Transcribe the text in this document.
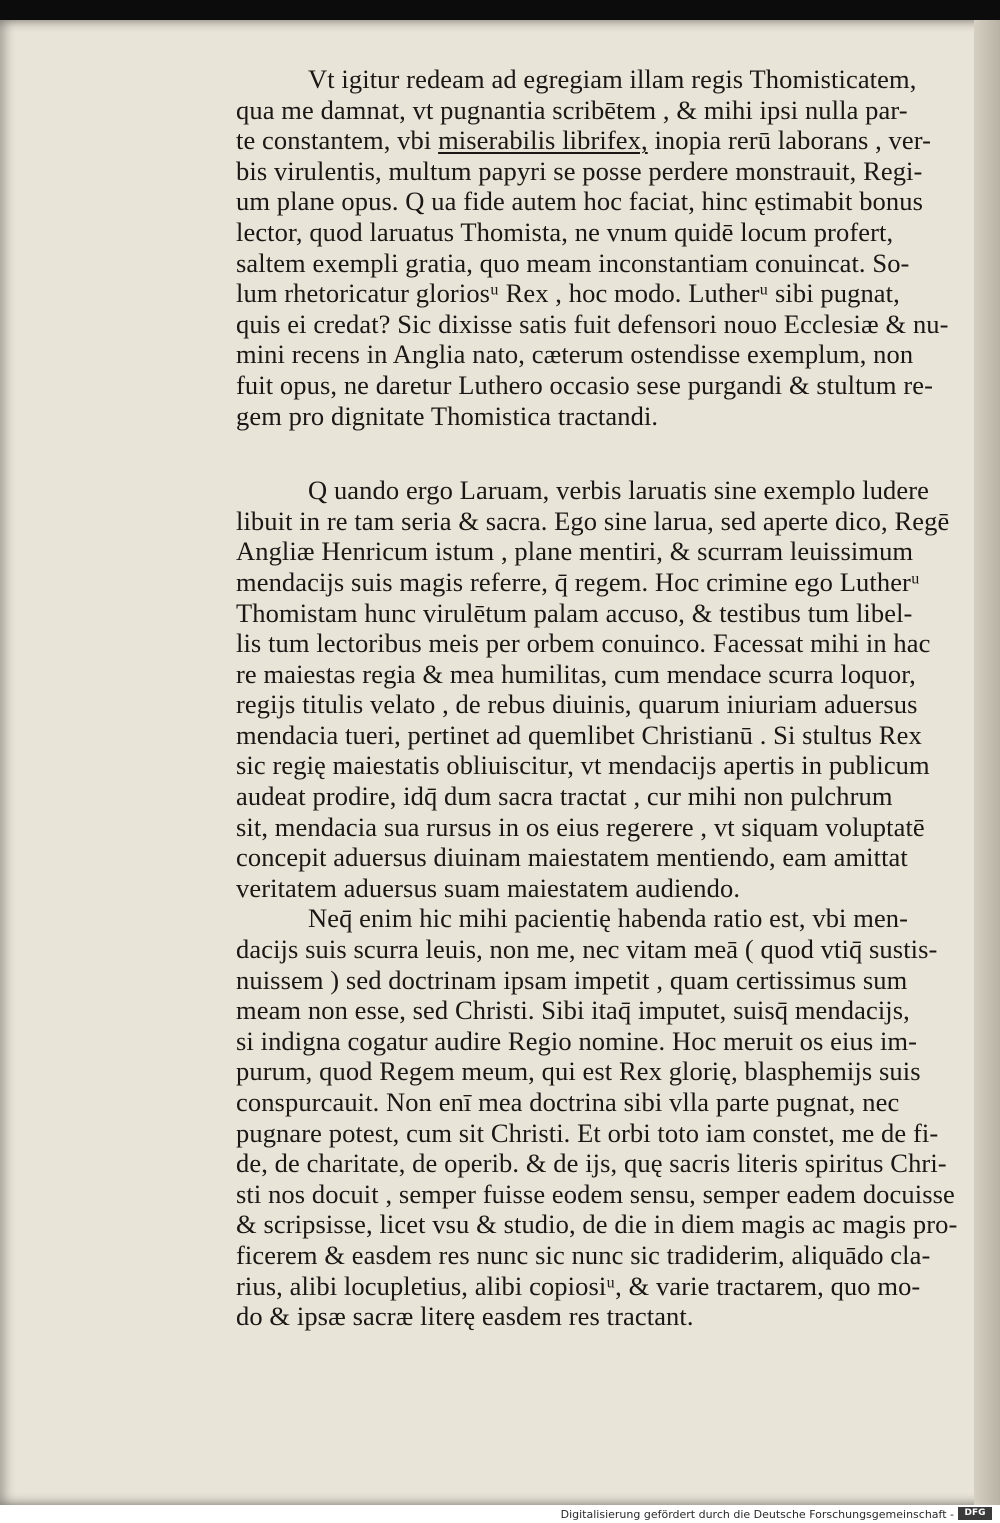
Vt igitur redeam ad egregiam illam regis Thomisticatem,

qua me damnat, vt pugnantia scribētem , & mihi ipsi nulla par-

te constantem, vbi miserabilis librifex, inopia rerū laborans , ver-

bis virulentis, multum papyri se posse perdere monstrauit, Regi-

um plane opus. Q ua fide autem hoc faciat, hinc ęstimabit bonus

lector, quod laruatus Thomista, ne vnum quidē locum profert,

saltem exempli gratia, quo meam inconstantiam conuincat. So-

lum rhetoricatur gloriosᵘ Rex , hoc modo. Lutherᵘ sibi pugnat,

quis ei credat? Sic dixisse satis fuit defensori nouo Ecclesiæ & nu-

mini recens in Anglia nato, cæterum ostendisse exemplum, non

fuit opus, ne daretur Luthero occasio sese purgandi & stultum re-

gem pro dignitate Thomistica tractandi.

Q uando ergo Laruam, verbis laruatis sine exemplo ludere

libuit in re tam seria & sacra. Ego sine larua, sed aperte dico, Regē

Angliæ Henricum istum , plane mentiri, & scurram leuissimum

mendacijs suis magis referre, q̄ regem. Hoc crimine ego Lutherᵘ

Thomistam hunc virulētum palam accuso, & testibus tum libel-

lis tum lectoribus meis per orbem conuinco. Facessat mihi in hac

re maiestas regia & mea humilitas, cum mendace scurra loquor,

regijs titulis velato , de rebus diuinis, quarum iniuriam aduersus

mendacia tueri, pertinet ad quemlibet Christianū . Si stultus Rex

sic regię maiestatis obliuiscitur, vt mendacijs apertis in publicum

audeat prodire, idq̄ dum sacra tractat , cur mihi non pulchrum

sit, mendacia sua rursus in os eius regerere , vt siquam voluptatē

concepit aduersus diuinam maiestatem mentiendo, eam amittat

veritatem aduersus suam maiestatem audiendo.

Neq̄ enim hic mihi pacientię habenda ratio est, vbi men-

dacijs suis scurra leuis, non me, nec vitam meā ( quod vtiq̄ sustis-

nuissem ) sed doctrinam ipsam impetit , quam certissimus sum

meam non esse, sed Christi. Sibi itaq̄ imputet, suisq̄ mendacijs,

si indigna cogatur audire Regio nomine. Hoc meruit os eius im-

purum, quod Regem meum, qui est Rex glorię, blasphemijs suis

conspurcauit. Non enī mea doctrina sibi vlla parte pugnat, nec

pugnare potest, cum sit Christi. Et orbi toto iam constet, me de fi-

de, de charitate, de operib. & de ijs, quę sacris literis spiritus Chri-

sti nos docuit , semper fuisse eodem sensu, semper eadem docuisse

& scripsisse, licet vsu & studio, de die in diem magis ac magis pro-

ficerem & easdem res nunc sic nunc sic tradiderim, aliquādo cla-

rius, alibi locupletius, alibi copiosiᵘ, & varie tractarem, quo mo-

do & ipsæ sacræ literę easdem res tractant.

Digitalisierung gefördert durch die Deutsche Forschungsgemeinschaft -	DFG
